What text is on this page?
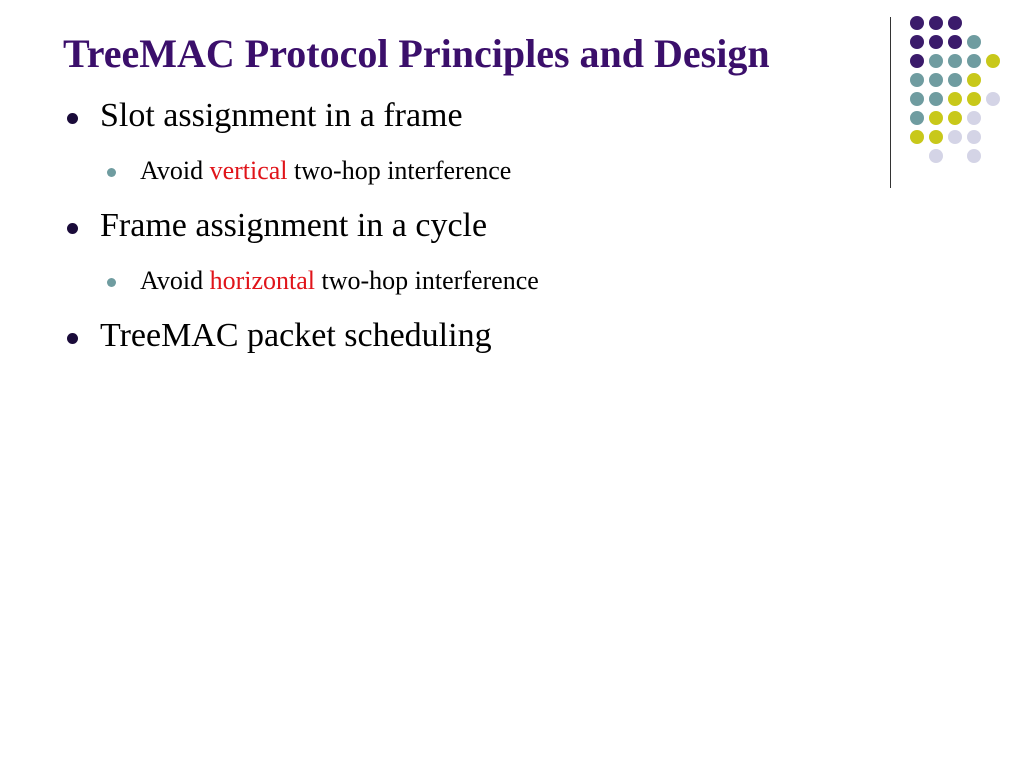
TreeMAC Protocol Principles and Design
Slot assignment in a frame
Avoid vertical two-hop interference
Frame assignment in a cycle
Avoid horizontal two-hop interference
TreeMAC packet scheduling
